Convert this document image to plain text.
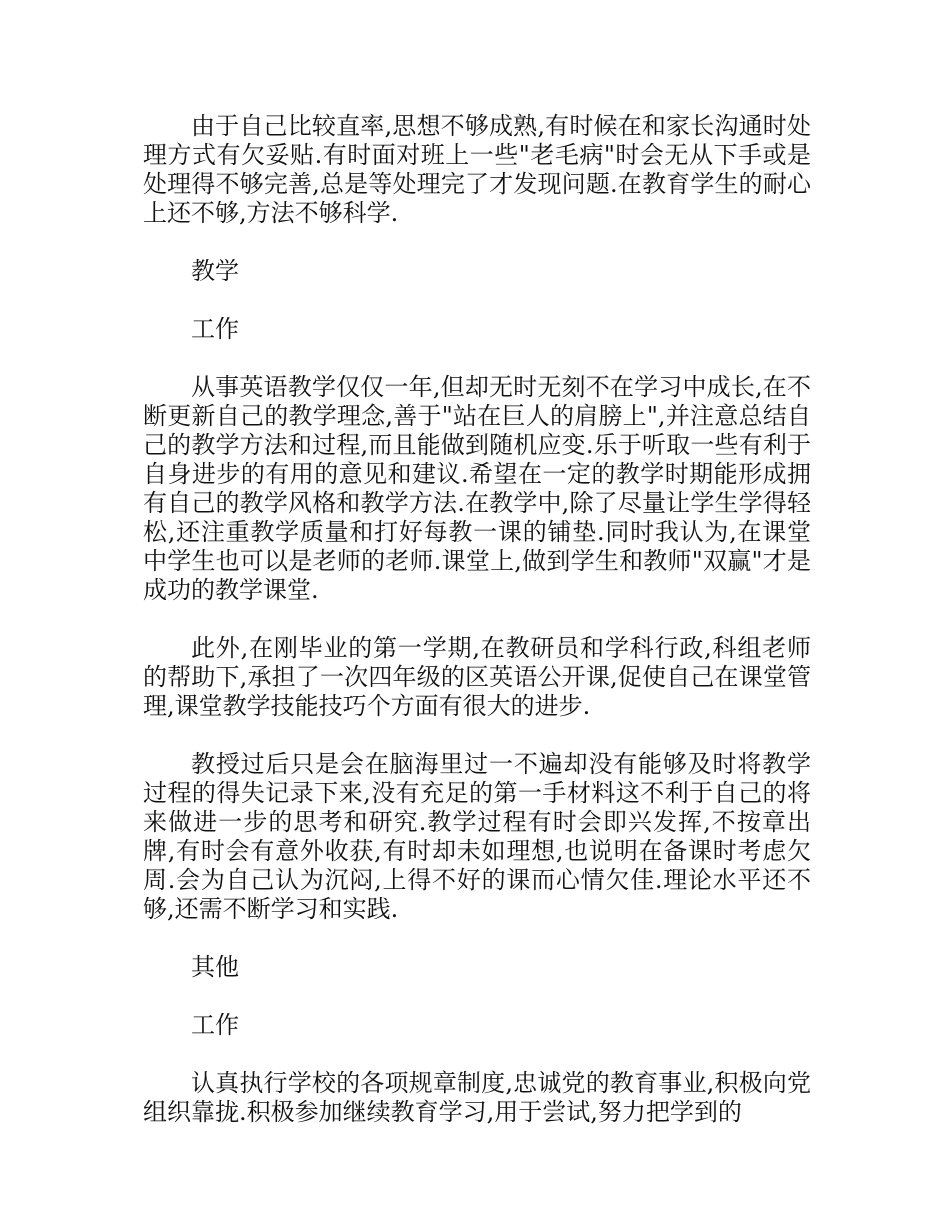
由于自己比较直率,思想不够成熟,有时候在和家长沟通时处理方式有欠妥贴.有时面对班上一些"老毛病"时会无从下手或是处理得不够完善,总是等处理完了才发现问题.在教育学生的耐心上还不够,方法不够科学.

教学

工作

从事英语教学仅仅一年,但却无时无刻不在学习中成长,在不断更新自己的教学理念,善于"站在巨人的肩膀上",并注意总结自己的教学方法和过程,而且能做到随机应变.乐于听取一些有利于自身进步的有用的意见和建议.希望在一定的教学时期能形成拥有自己的教学风格和教学方法.在教学中,除了尽量让学生学得轻松,还注重教学质量和打好每教一课的铺垫.同时我认为,在课堂中学生也可以是老师的老师.课堂上,做到学生和教师"双赢"才是成功的教学课堂.

此外,在刚毕业的第一学期,在教研员和学科行政,科组老师的帮助下,承担了一次四年级的区英语公开课,促使自己在课堂管理,课堂教学技能技巧个方面有很大的进步.

教授过后只是会在脑海里过一不遍却没有能够及时将教学过程的得失记录下来,没有充足的第一手材料这不利于自己的将来做进一步的思考和研究.教学过程有时会即兴发挥,不按章出牌,有时会有意外收获,有时却未如理想,也说明在备课时考虑欠周.会为自己认为沉闷,上得不好的课而心情欠佳.理论水平还不够,还需不断学习和实践.

其他

工作

认真执行学校的各项规章制度,忠诚党的教育事业,积极向党组织靠拢.积极参加继续教育学习,用于尝试,努力把学到的
